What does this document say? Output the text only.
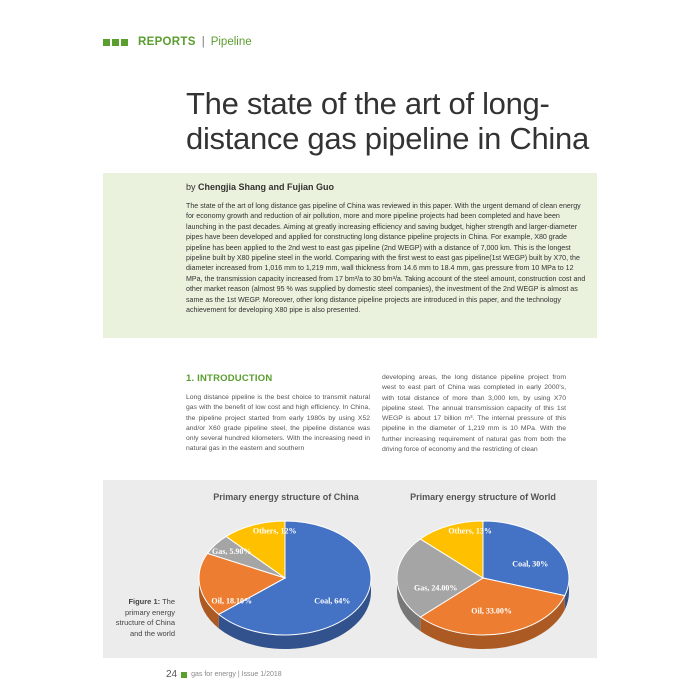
REPORTS | Pipeline
The state of the art of long-distance gas pipeline in China
by Chengjia Shang and Fujian Guo

The state of the art of long distance gas pipeline of China was reviewed in this paper. With the urgent demand of clean energy for economy growth and reduction of air pollution, more and more pipeline projects had been completed and have been launching in the past decades. Aiming at greatly increasing efficiency and saving budget, higher strength and larger-diameter pipes have been developed and applied for constructing long distance pipeline projects in China. For example, X80 grade pipeline has been applied to the 2nd west to east gas pipeline (2nd WEGP) with a distance of 7,000 km. This is the longest pipeline built by X80 pipeline steel in the world. Comparing with the first west to east gas pipeline(1st WEGP) built by X70, the diameter increased from 1,016 mm to 1,219 mm, wall thickness from 14.6 mm to 18.4 mm, gas pressure from 10 MPa to 12 MPa, the transmission capacity increased from 17 bm³/a to 30 bm³/a. Taking account of the steel amount, construction cost and other market reason (almost 95 % was supplied by domestic steel companies), the investment of the 2nd WEGP is almost as same as the 1st WEGP. Moreover, other long distance pipeline projects are introduced in this paper, and the technology achievement for developing X80 pipe is also presented.

1. INTRODUCTION

Long distance pipeline is the best choice to transmit natural gas with the benefit of low cost and high efficiency. In China, the pipeline project started from early 1980s by using X52 and/or X60 grade pipeline steel, the pipeline distance was only several hundred kilometers. With the increasing need in natural gas in the eastern and southern

developing areas, the long distance pipeline project from west to east part of China was completed in early 2000's, with total distance of more than 3,000 km, by using X70 pipeline steel. The annual transmission capacity of this 1st WEGP is about 17 billion m³. The internal pressure of this pipeline in the diameter of 1,219 mm is 10 MPa. With the further increasing requirement of natural gas from both the driving force of economy and the restricting of clean

Primary energy structure of China	Primary energy structure of World
Coal, 64%
Oil, 18.10%
Gas, 5.90%
Others, 12%
Coal, 30%
Oil, 33.00%
Gas, 24.00%
Others, 13%
Figure 1: The primary energy structure of China and the world
24 gas for energy | Issue 1/2018
